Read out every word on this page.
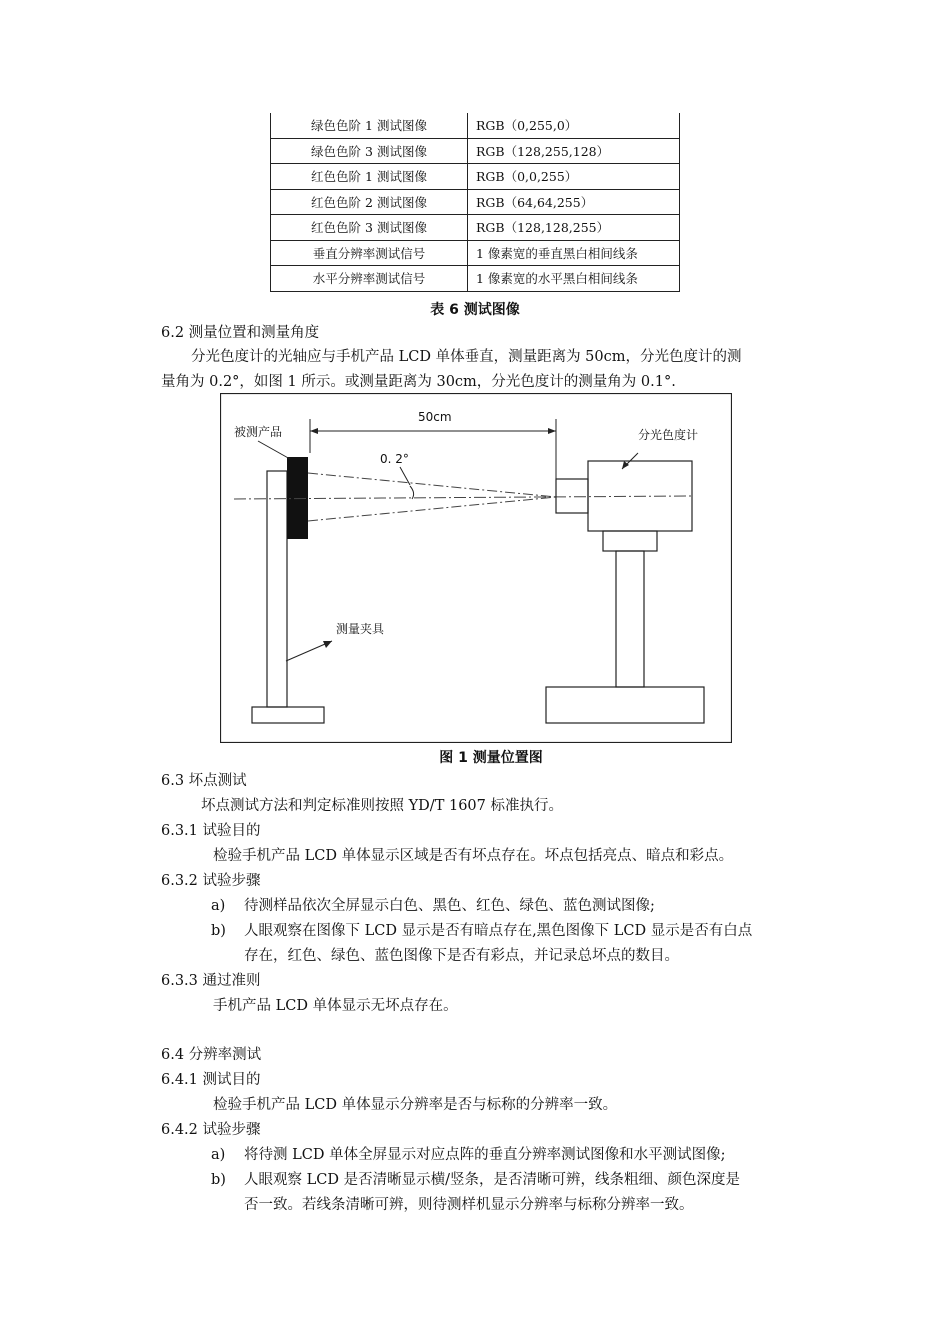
绿色色阶 1 测试图像	RGB（0,255,0）
绿色色阶 3 测试图像	RGB（128,255,128）
红色色阶 1 测试图像	RGB（0,0,255）
红色色阶 2 测试图像	RGB（64,64,255）
红色色阶 3 测试图像	RGB（128,128,255）
垂直分辨率测试信号	1 像素宽的垂直黑白相间线条
水平分辨率测试信号	1 像素宽的水平黑白相间线条
表 6 测试图像
6.2 测量位置和测量角度
分光色度计的光轴应与手机产品 LCD 单体垂直，测量距离为 50cm，分光色度计的测
量角为 0.2°，如图 1 所示。或测量距离为 30cm，分光色度计的测量角为 0.1°.
0. 2°
50cm
被测产品	分光色度计
测量夹具
图 1 测量位置图
6.3 坏点测试
坏点测试方法和判定标准则按照 YD/T 1607 标准执行。
6.3.1 试验目的
检验手机产品 LCD 单体显示区域是否有坏点存在。坏点包括亮点、暗点和彩点。
6.3.2 试验步骤
a) 待测样品依次全屏显示白色、黑色、红色、绿色、蓝色测试图像;
b) 人眼观察在图像下 LCD 显示是否有暗点存在,黑色图像下 LCD 显示是否有白点
存在，红色、绿色、蓝色图像下是否有彩点，并记录总坏点的数目。
6.3.3 通过准则
手机产品 LCD 单体显示无坏点存在。
6.4 分辨率测试
6.4.1 测试目的
检验手机产品 LCD 单体显示分辨率是否与标称的分辨率一致。
6.4.2 试验步骤
a) 将待测 LCD 单体全屏显示对应点阵的垂直分辨率测试图像和水平测试图像;
b) 人眼观察 LCD 是否清晰显示横/竖条，是否清晰可辨，线条粗细、颜色深度是
否一致。若线条清晰可辨，则待测样机显示分辨率与标称分辨率一致。
